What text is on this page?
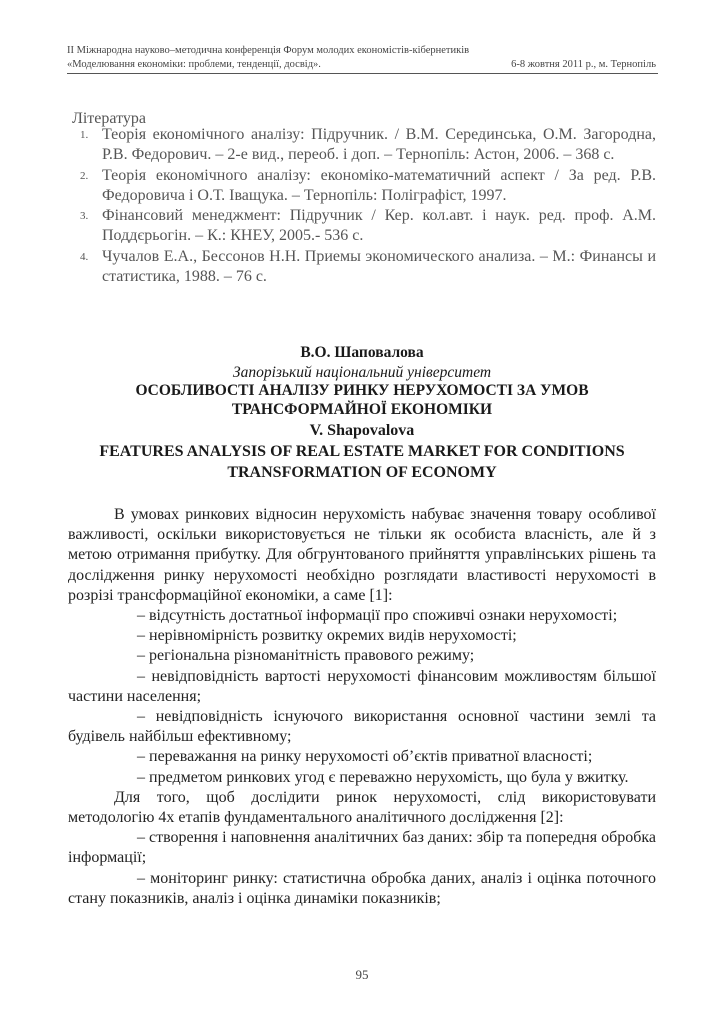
ІІ Міжнародна науково–методична конференція Форум молодих економістів-кібернетиків
«Моделювання економіки: проблеми, тенденції, досвід».	6-8 жовтня 2011 р., м. Тернопіль
Література
1. Теорія економічного аналізу: Підручник. / В.М. Серединська, О.М. Загородна, Р.В. Федорович. – 2-е вид., переоб. і доп. – Тернопіль: Астон, 2006. – 368 с.
2. Теорія економічного аналізу: економіко-математичний аспект / За ред. Р.В. Федоровича і О.Т. Іващука. – Тернопіль: Поліграфіст, 1997.
3. Фінансовий менеджмент: Підручник / Кер. кол.авт. і наук. ред. проф. А.М. Поддєрьогін. – К.: КНЕУ, 2005.- 536 с.
4. Чучалов Е.А., Бессонов Н.Н. Приемы экономического анализа. – М.: Финансы и статистика, 1988. – 76 с.
В.О. Шаповалова
Запорізький національний університет
ОСОБЛИВОСТІ АНАЛІЗУ РИНКУ НЕРУХОМОСТІ ЗА УМОВ
ТРАНСФОРМАЙНОЇ ЕКОНОМІКИ
V. Shapovalova
FEATURES ANALYSIS OF REAL ESTATE MARKET FOR CONDITIONS
TRANSFORMATION OF ECONOMY

В умовах ринкових відносин нерухомість набуває значення товару особливої важливості, оскільки використовується не тільки як особиста власність, але й з метою отримання прибутку. Для обгрунтованого прийняття управлінських рішень та дослідження ринку нерухомості необхідно розглядати властивості нерухомості в розрізі трансформаційної економіки, а саме [1]:

– відсутність достатньої інформації про споживчі ознаки нерухомості;

– нерівномірність розвитку окремих видів нерухомості;

– регіональна різноманітність правового режиму;

– невідповідність вартості нерухомості фінансовим можливостям більшої частини населення;

– невідповідність існуючого використання основної частини землі та будівель найбільш ефективному;

– переважання на ринку нерухомості об’єктів приватної власності;

– предметом ринкових угод є переважно нерухомість, що була у вжитку.

Для того, щоб дослідити ринок нерухомості, слід використовувати методологію 4х етапів фундаментального аналітичного дослідження [2]:

– створення і наповнення аналітичних баз даних: збір та попередня обробка інформації;

– моніторинг ринку: статистична обробка даних, аналіз і оцінка поточного стану показників, аналіз і оцінка динаміки показників;

95
